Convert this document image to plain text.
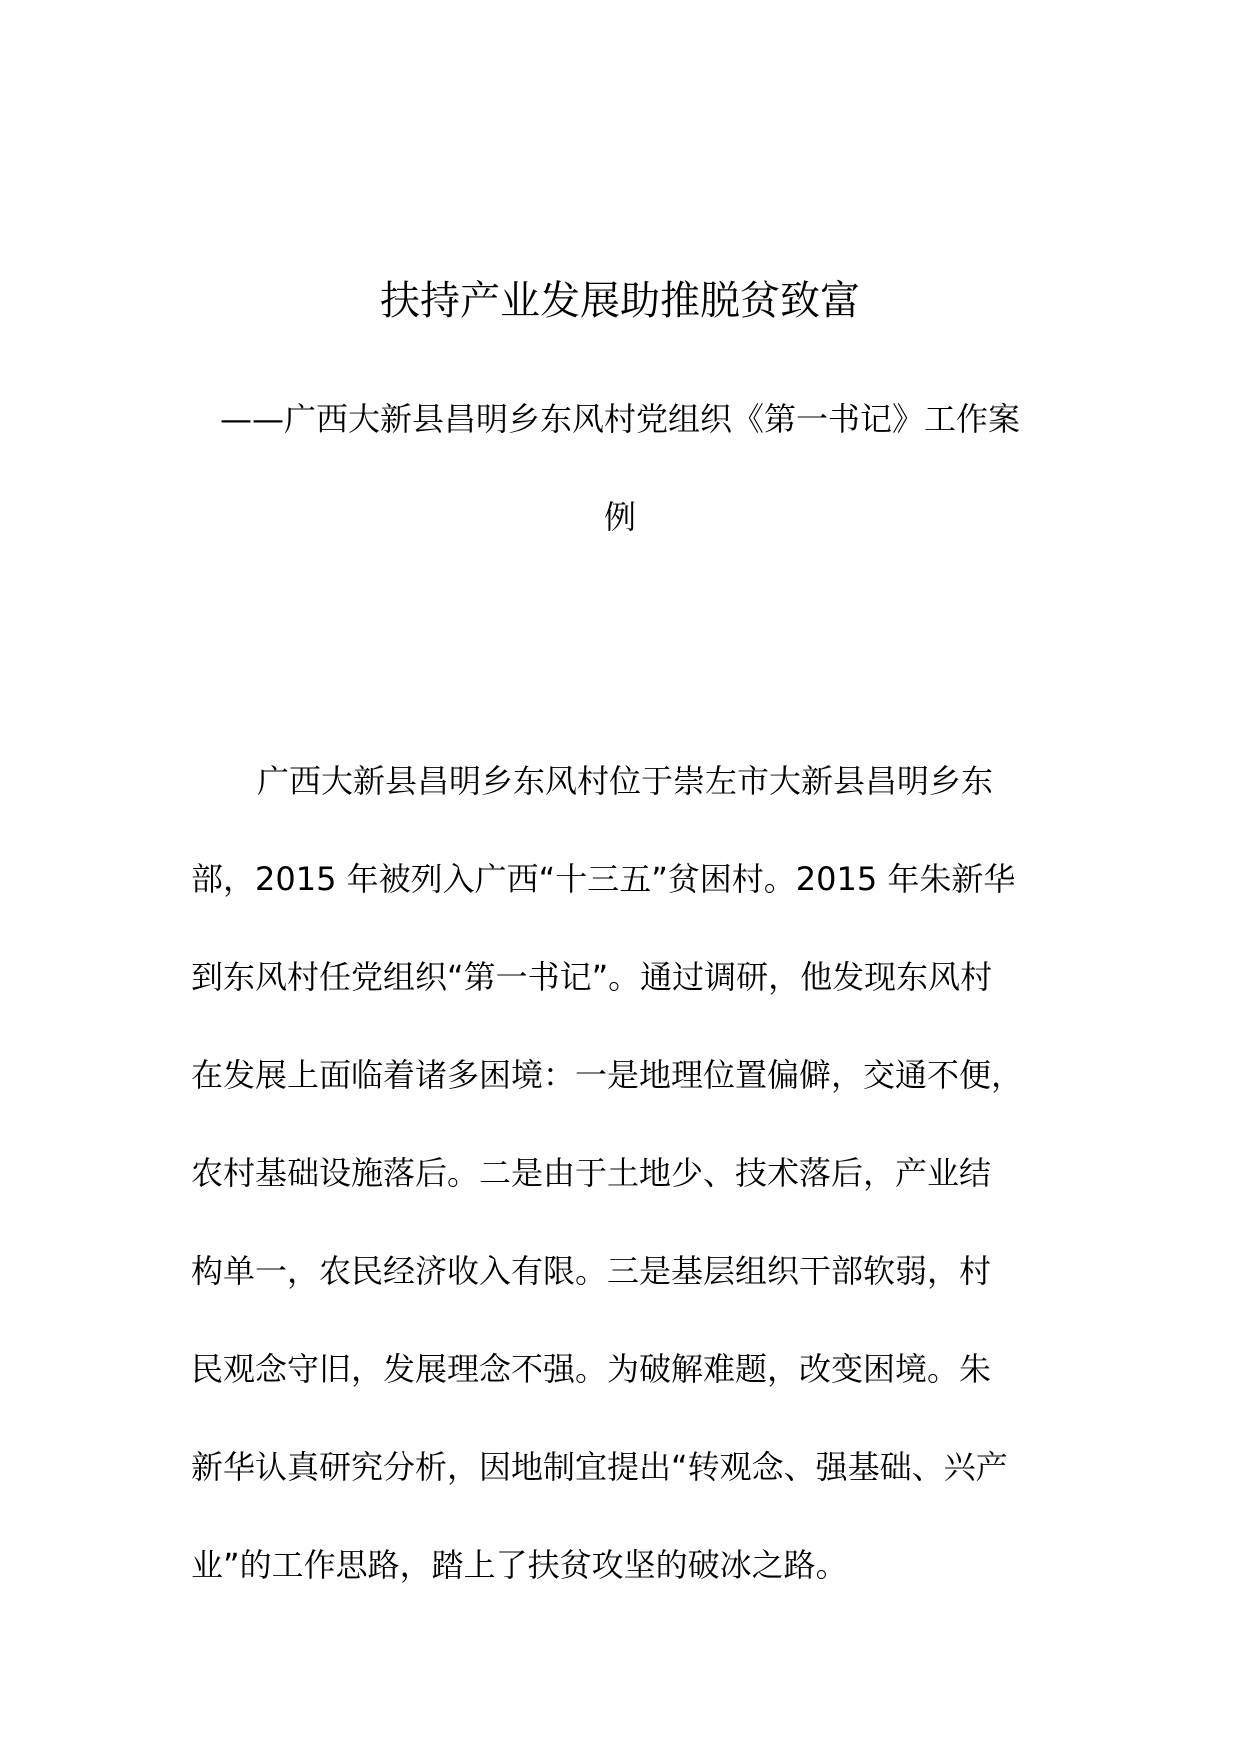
扶持产业发展助推脱贫致富
——广西大新县昌明乡东风村党组织《第一书记》工作案
例
广西大新县昌明乡东风村位于崇左市大新县昌明乡东
部，2015 年被列入广西“十三五”贫困村。2015 年朱新华
到东风村任党组织“第一书记”。通过调研，他发现东风村
在发展上面临着诸多困境：一是地理位置偏僻，交通不便，
农村基础设施落后。二是由于土地少、技术落后，产业结
构单一，农民经济收入有限。三是基层组织干部软弱，村
民观念守旧，发展理念不强。为破解难题，改变困境。朱
新华认真研究分析，因地制宜提出“转观念、强基础、兴产
业”的工作思路，踏上了扶贫攻坚的破冰之路。
